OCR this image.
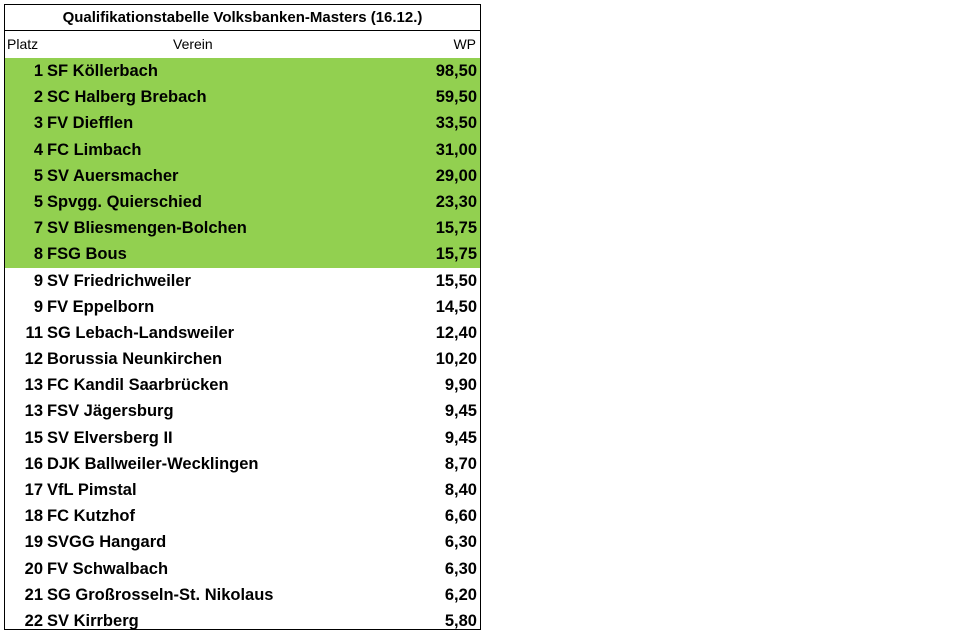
Qualifikationstabelle Volksbanken-Masters (16.12.)
Platz	Verein	WP
1 SF Köllerbach	98,50
2 SC Halberg Brebach	59,50
3 FV Diefflen	33,50
4 FC Limbach	31,00
5 SV Auersmacher	29,00
5 Spvgg. Quierschied	23,30
7 SV Bliesmengen-Bolchen	15,75
8 FSG Bous	15,75
9 SV Friedrichweiler	15,50
9 FV Eppelborn	14,50
11 SG Lebach-Landsweiler	12,40
12 Borussia Neunkirchen	10,20
13 FC Kandil Saarbrücken	9,90
13 FSV Jägersburg	9,45
15 SV Elversberg II	9,45
16 DJK Ballweiler-Wecklingen	8,70
17 VfL Pimstal	8,40
18 FC Kutzhof	6,60
19 SVGG Hangard	6,30
20 FV Schwalbach	6,30
21 SG Großrosseln-St. Nikolaus	6,20
22 SV Kirrberg	5,80
